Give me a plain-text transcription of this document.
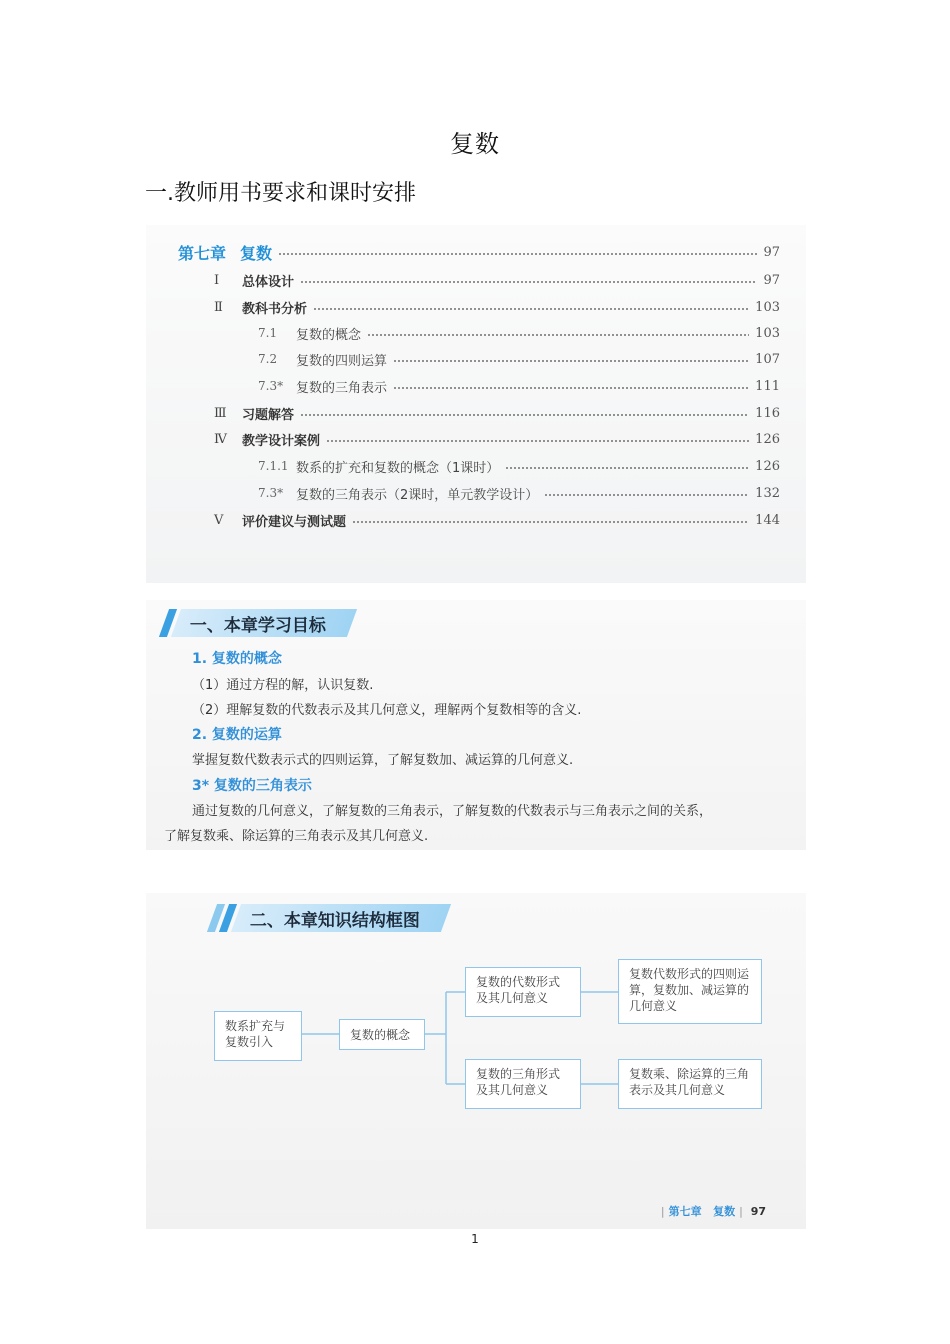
复数
一.教师用书要求和课时安排
第七章 复数	97
Ⅰ	总体设计	97
Ⅱ	教科书分析	103
7.1	复数的概念	103
7.2	复数的四则运算	107
7.3* 复数的三角表示	111
Ⅲ	习题解答	116
Ⅳ	教学设计案例	126
7.1.1 数系的扩充和复数的概念（1课时）	126
7.3* 复数的三角表示（2课时，单元教学设计）	132
Ⅴ	评价建议与测试题	144
一、本章学习目标
1. 复数的概念
（1）通过方程的解，认识复数.
（2）理解复数的代数表示及其几何意义，理解两个复数相等的含义.
2. 复数的运算
掌握复数代数表示式的四则运算，了解复数加、减运算的几何意义.
3* 复数的三角表示
通过复数的几何意义，了解复数的三角表示，了解复数的代数表示与三角表示之间的关系，
了解复数乘、除运算的三角表示及其几何意义.
二、本章知识结构框图
数系扩充与复数引入	复数的概念
复数的代数形式及其几何意义
复数的三角形式及其几何意义
复数代数形式的四则运算，复数加、减运算的几何意义
复数乘、除运算的三角表示及其几何意义
| 第七章 复数 | 97
1
